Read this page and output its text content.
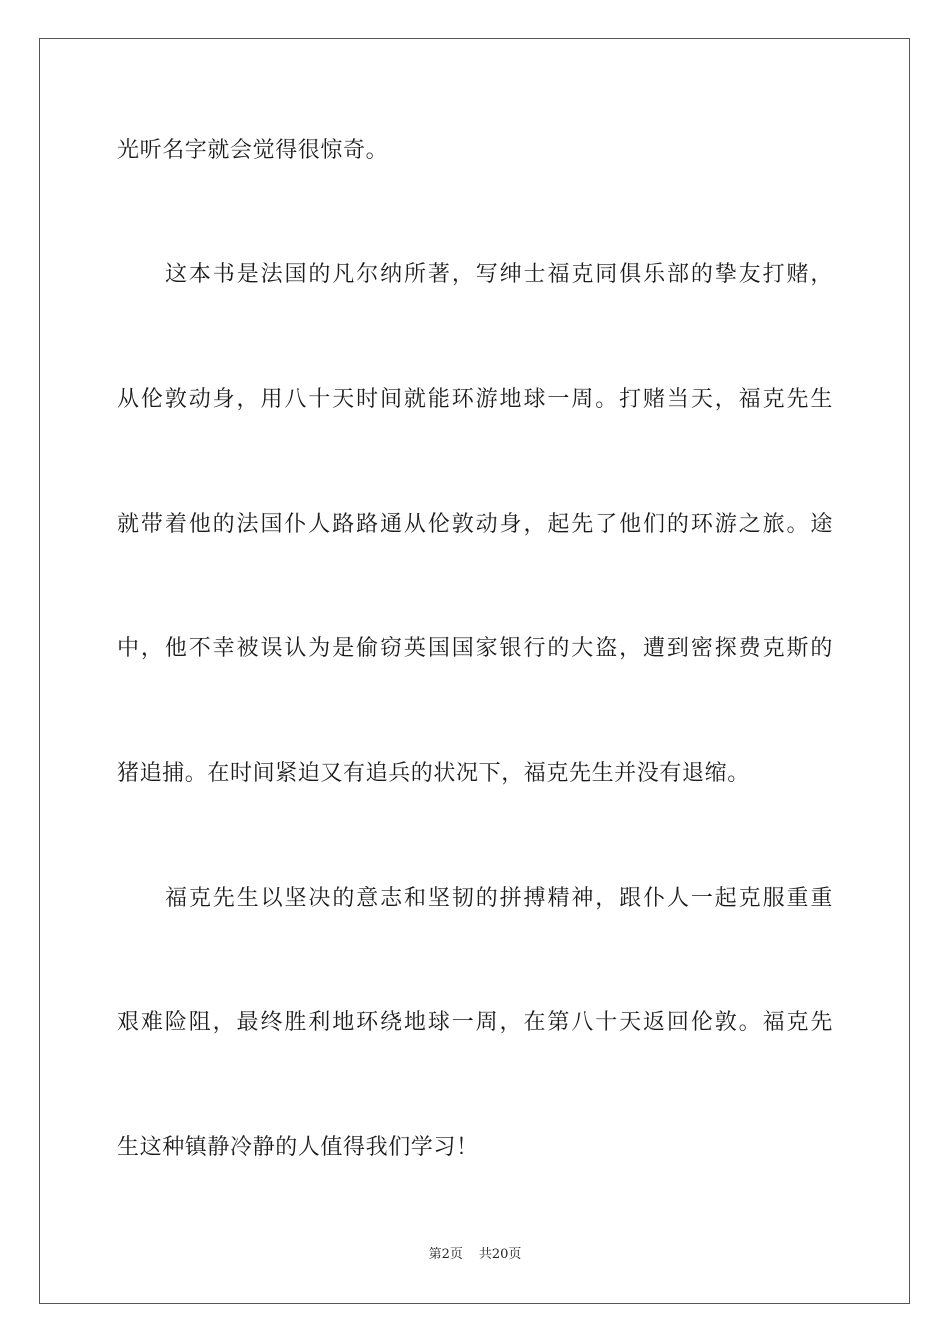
光听名字就会觉得很惊奇。
这本书是法国的凡尔纳所著，写绅士福克同俱乐部的挚友打赌，
从伦敦动身，用八十天时间就能环游地球一周。打赌当天，福克先生
就带着他的法国仆人路路通从伦敦动身，起先了他们的环游之旅。途
中，他不幸被误认为是偷窃英国国家银行的大盗，遭到密探费克斯的
猪追捕。在时间紧迫又有追兵的状况下，福克先生并没有退缩。
福克先生以坚决的意志和坚韧的拼搏精神，跟仆人一起克服重重
艰难险阻，最终胜利地环绕地球一周，在第八十天返回伦敦。福克先
生这种镇静冷静的人值得我们学习！
第2页 共20页
